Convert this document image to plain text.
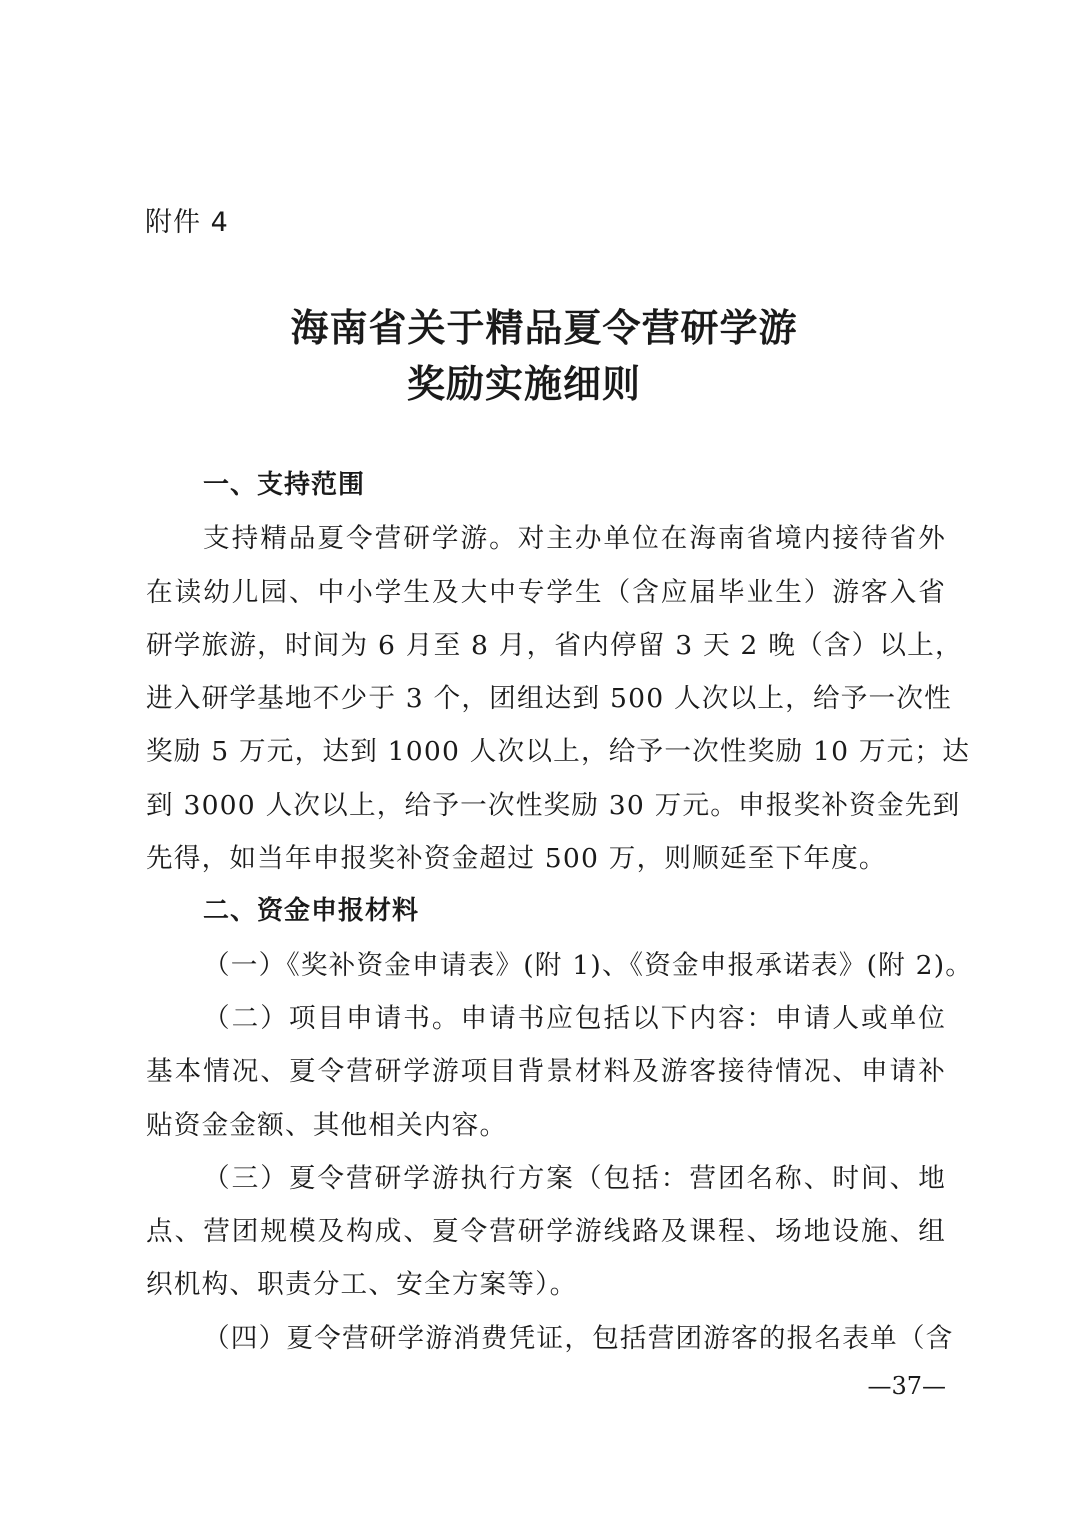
附件 4
海南省关于精品夏令营研学游
奖励实施细则
一、支持范围
支持精品夏令营研学游。对主办单位在海南省境内接待省外
在读幼儿园、中小学生及大中专学生（含应届毕业生）游客入省
研学旅游，时间为 6 月至 8 月，省内停留 3 天 2 晚（含）以上，
进入研学基地不少于 3 个，团组达到 500 人次以上，给予一次性
奖励 5 万元，达到 1000 人次以上，给予一次性奖励 10 万元；达
到 3000 人次以上，给予一次性奖励 30 万元。申报奖补资金先到
先得，如当年申报奖补资金超过 500 万，则顺延至下年度。
二、资金申报材料
（一）《奖补资金申请表》(附 1)、《资金申报承诺表》(附 2)。
（二）项目申请书。申请书应包括以下内容：申请人或单位
基本情况、夏令营研学游项目背景材料及游客接待情况、申请补
贴资金金额、其他相关内容。
（三）夏令营研学游执行方案（包括：营团名称、时间、地
点、营团规模及构成、夏令营研学游线路及课程、场地设施、组
织机构、职责分工、安全方案等）。
（四）夏令营研学游消费凭证，包括营团游客的报名表单（含
—37—
